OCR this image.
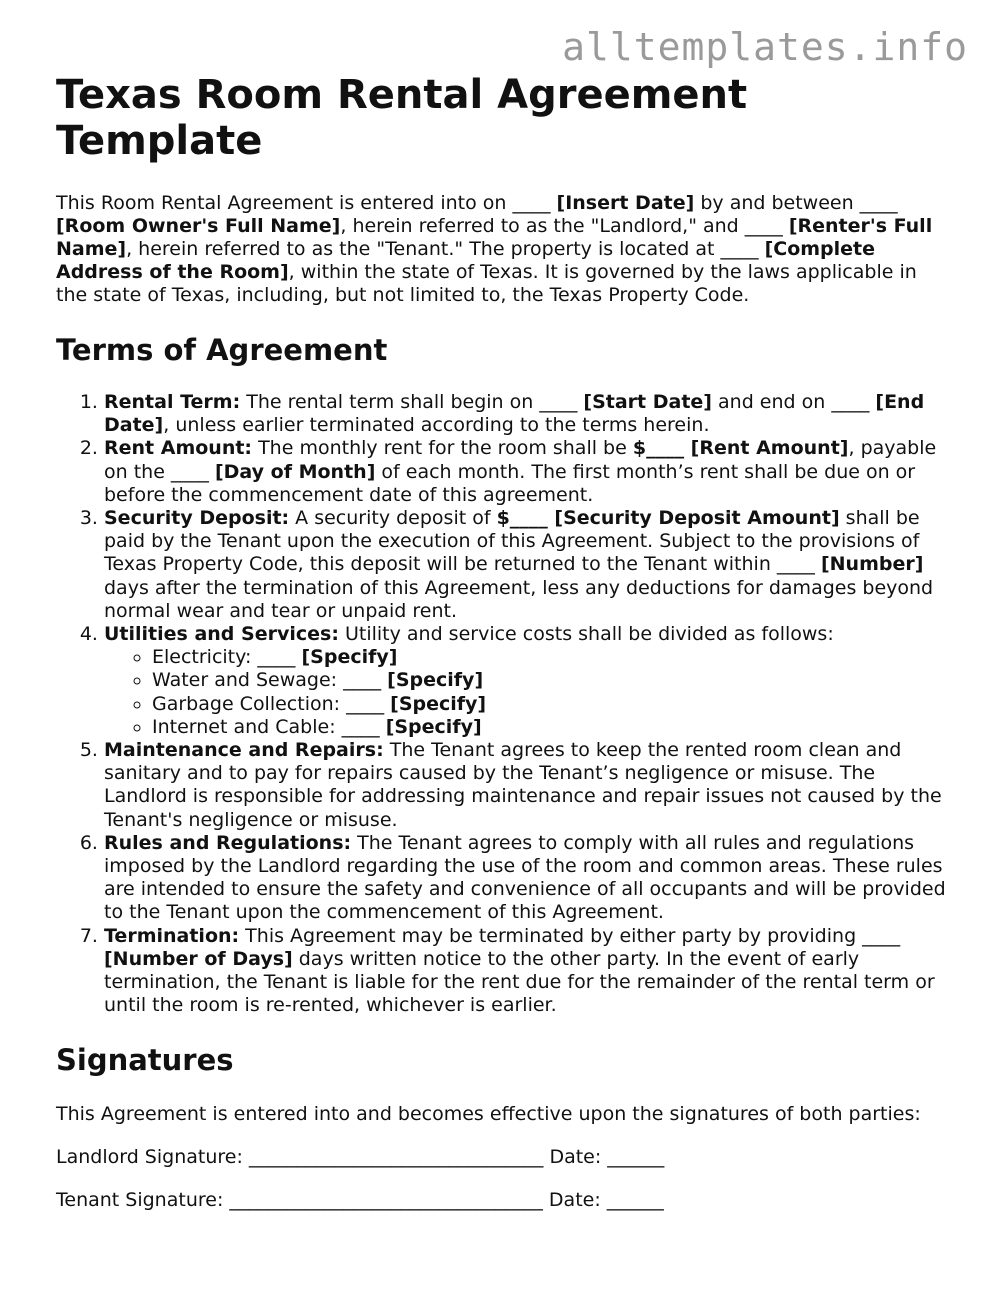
alltemplates.info
Texas Room Rental Agreement Template

This Room Rental Agreement is entered into on ____ [Insert Date] by and between ____ [Room Owner's Full Name], herein referred to as the "Landlord," and ____ [Renter's Full Name], herein referred to as the "Tenant." The property is located at ____ [Complete Address of the Room], within the state of Texas. It is governed by the laws applicable in the state of Texas, including, but not limited to, the Texas Property Code.

Terms of Agreement
1. Rental Term: The rental term shall begin on ____ [Start Date] and end on ____ [End Date], unless earlier terminated according to the terms herein.
2. Rent Amount: The monthly rent for the room shall be $____ [Rent Amount], payable on the ____ [Day of Month] of each month. The first month’s rent shall be due on or before the commencement date of this agreement.
3. Security Deposit: A security deposit of $____ [Security Deposit Amount] shall be paid by the Tenant upon the execution of this Agreement. Subject to the provisions of Texas Property Code, this deposit will be returned to the Tenant within ____ [Number] days after the termination of this Agreement, less any deductions for damages beyond normal wear and tear or unpaid rent.
4. Utilities and Services: Utility and service costs shall be divided as follows:
◦ Electricity: ____ [Specify]
◦ Water and Sewage: ____ [Specify]
◦ Garbage Collection: ____ [Specify]
◦ Internet and Cable: ____ [Specify]
5. Maintenance and Repairs: The Tenant agrees to keep the rented room clean and sanitary and to pay for repairs caused by the Tenant’s negligence or misuse. The Landlord is responsible for addressing maintenance and repair issues not caused by the Tenant's negligence or misuse.
6. Rules and Regulations: The Tenant agrees to comply with all rules and regulations imposed by the Landlord regarding the use of the room and common areas. These rules are intended to ensure the safety and convenience of all occupants and will be provided to the Tenant upon the commencement of this Agreement.
7. Termination: This Agreement may be terminated by either party by providing ____ [Number of Days] days written notice to the other party. In the event of early termination, the Tenant is liable for the rent due for the remainder of the rental term or until the room is re-rented, whichever is earlier.
Signatures

This Agreement is entered into and becomes effective upon the signatures of both parties:

Landlord Signature: _______________________________ Date: ______

Tenant Signature: _________________________________ Date: ______
